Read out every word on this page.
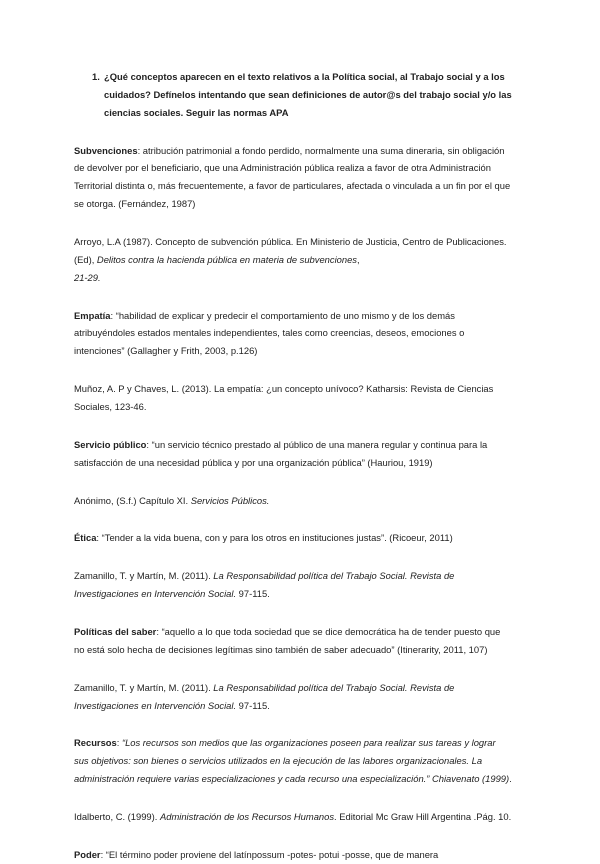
1. ¿Qué conceptos aparecen en el texto relativos a la Política social, al Trabajo social y a los cuidados? Defínelos intentando que sean definiciones de autor@s del trabajo social y/o las ciencias sociales. Seguir las normas APA

Subvenciones: atribución patrimonial a fondo perdido, normalmente una suma dineraria, sin obligación de devolver por el beneficiario, que una Administración pública realiza a favor de otra Administración Territorial distinta o, más frecuentemente, a favor de particulares, afectada o vinculada a un fin por el que se otorga. (Fernández, 1987)

Arroyo, L.A (1987). Concepto de subvención pública. En Ministerio de Justicia, Centro de Publicaciones. (Ed), Delitos contra la hacienda pública en materia de subvenciones,
21-29.

Empatía: “habilidad de explicar y predecir el comportamiento de uno mismo y de los demás atribuyéndoles estados mentales independientes, tales como creencias, deseos, emociones o intenciones” (Gallagher y Frith, 2003, p.126)

Muñoz, A. P y Chaves, L. (2013). La empatía: ¿un concepto unívoco? Katharsis: Revista de Ciencias Sociales, 123-46.

Servicio público: “un servicio técnico prestado al público de una manera regular y continua para la satisfacción de una necesidad pública y por una organización pública” (Hauriou, 1919)

Anónimo, (S.f.) Capítulo XI. Servicios Públicos.

Ética: “Tender a la vida buena, con y para los otros en instituciones justas”. (Ricoeur, 2011)

Zamanillo, T. y Martín, M. (2011). La Responsabilidad política del Trabajo Social. Revista de Investigaciones en Intervención Social. 97-115.

Políticas del saber: “aquello a lo que toda sociedad que se dice democrática ha de tender puesto que no está solo hecha de decisiones legítimas sino también de saber adecuado” (Itinerarity, 2011, 107)

Zamanillo, T. y Martín, M. (2011). La Responsabilidad política del Trabajo Social. Revista de Investigaciones en Intervención Social. 97-115.

Recursos: “Los recursos son medios que las organizaciones poseen para realizar sus tareas y lograr sus objetivos: son bienes o servicios utilizados en la ejecución de las labores organizacionales. La administración requiere varias especializaciones y cada recurso una especialización.” Chiavenato (1999).

Idalberto, C. (1999). Administración de los Recursos Humanos. Editorial Mc Graw Hill Argentina .Pág. 10.

Poder: “El término poder proviene del latínpossum -potes- potui -posse, que de manera
